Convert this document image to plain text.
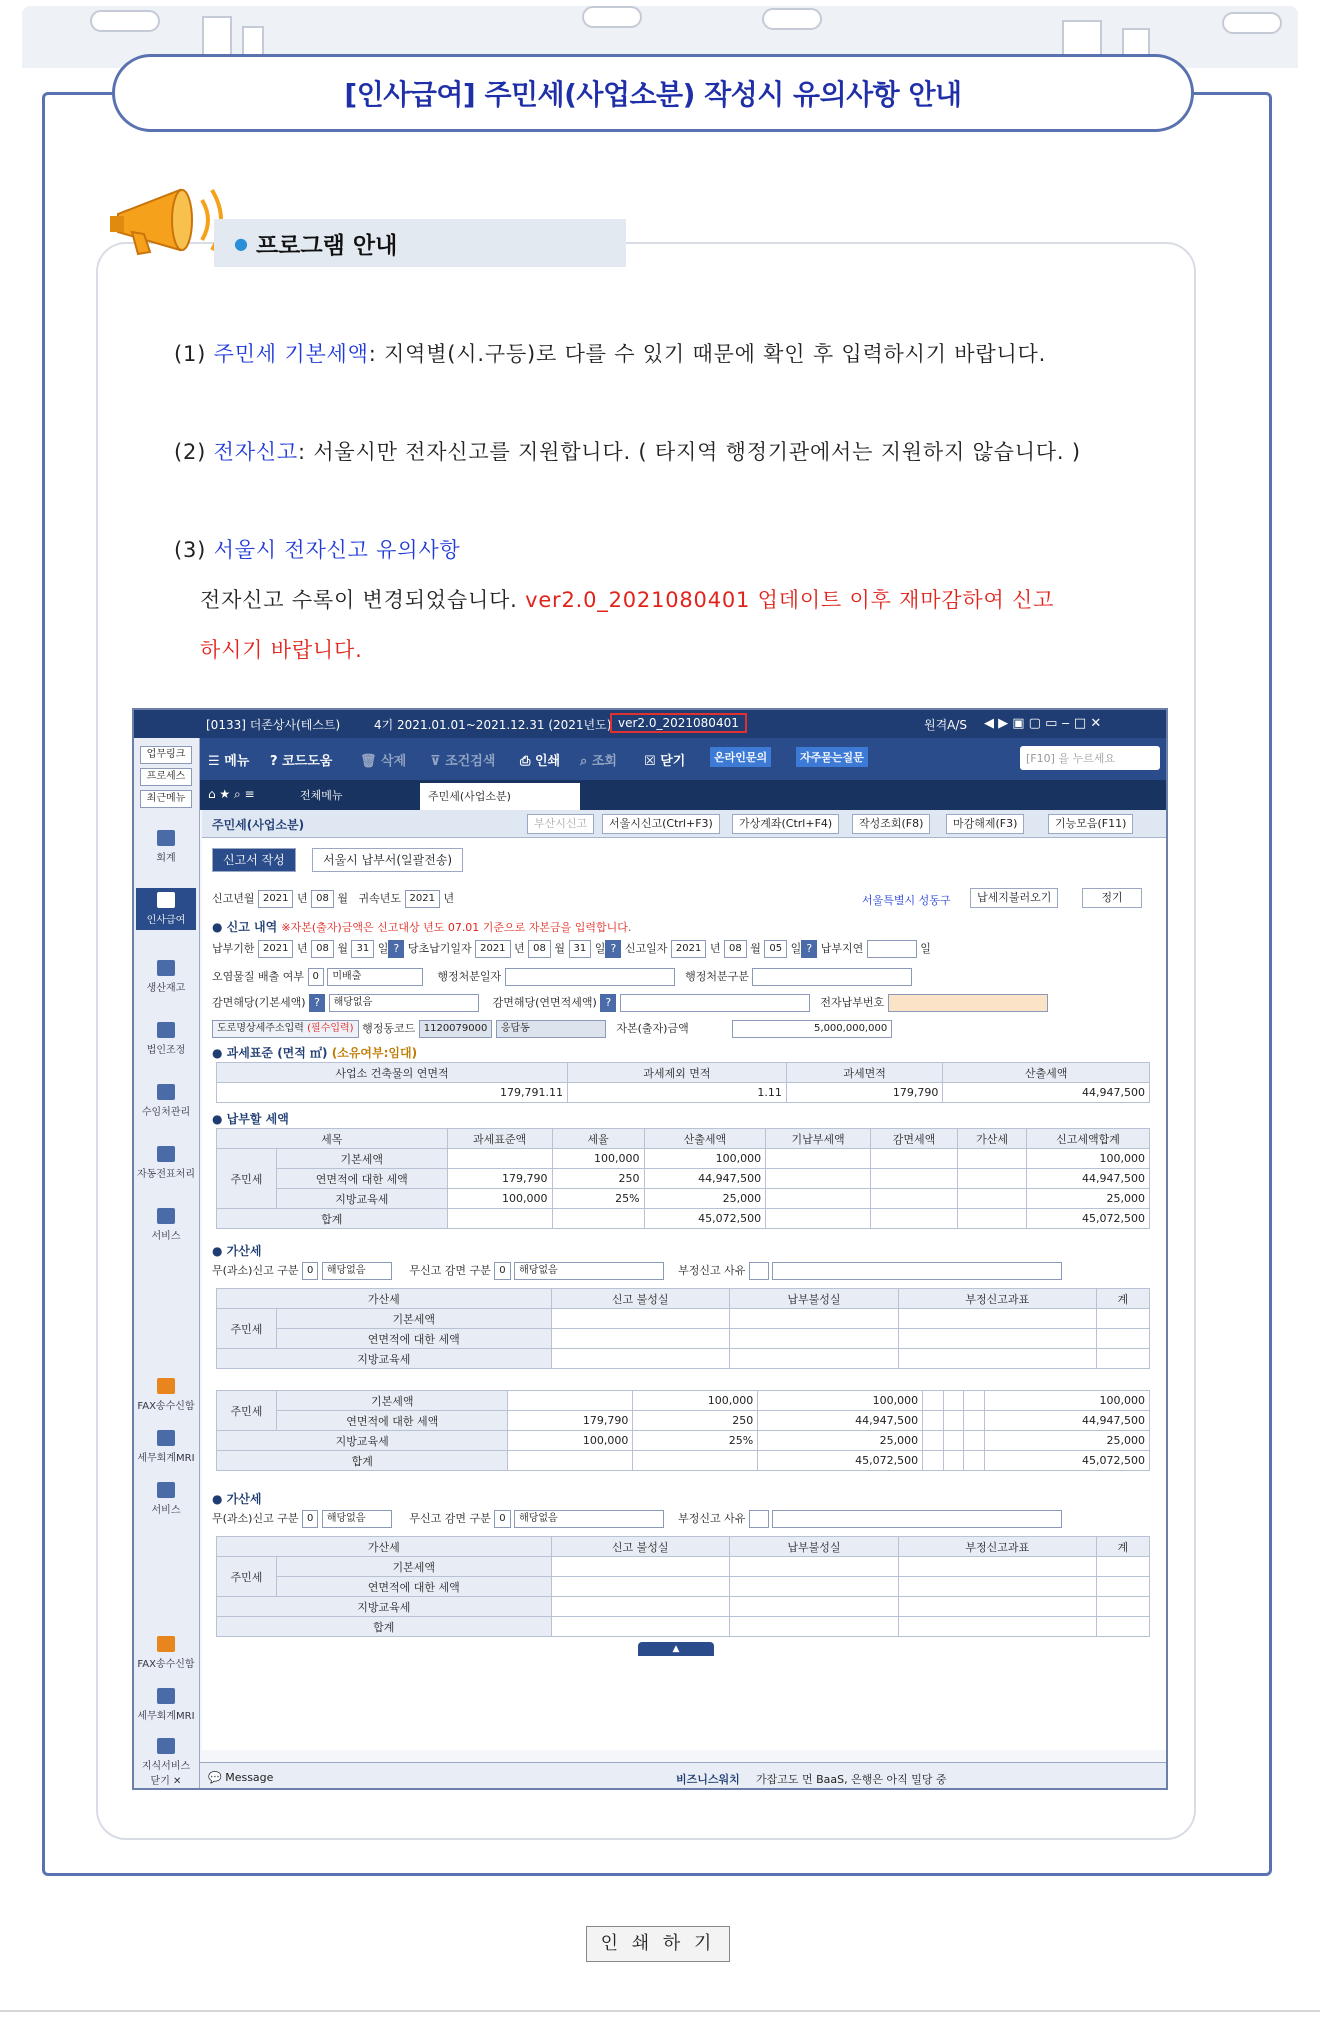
[인사급여] 주민세(사업소분) 작성시 유의사항 안내
● 프로그램 안내
(1) 주민세 기본세액: 지역별(시.구등)로 다를 수 있기 때문에 확인 후 입력하시기 바랍니다.
(2) 전자신고: 서울시만 전자신고를 지원합니다. ( 타지역 행정기관에서는 지원하지 않습니다. )
(3) 서울시 전자신고 유의사항
전자신고 수록이 변경되었습니다. ver2.0_2021080401 업데이트 이후 재마감하여 신고
하시기 바랍니다.
[0133] 더존상사(테스트)	4기 2021.01.01~2021.12.31 (2021년도) ver2.0_2021080401	원격A/S ◀ ▶ ▣ ▢ ▭ ‒ □ ✕
업무링크
프로세스
최근메뉴
회계
인사급여
생산재고
법인조정
수임처관리
자동전표처리
서비스
FAX송수신함
세무회계MRI
서비스
FAX송수신함
세무회계MRI
지식서비스
닫기 ✕
☰ 메뉴 ? 코드도움 🗑 삭제 ⊽ 조건검색 ⎙ 인쇄 ⌕ 조회 ☒ 닫기	온라인문의	자주묻는질문	[F10] 을 누르세요
⌂ ★ ⌕ ≡	전체메뉴	주민세(사업소분)
주민세(사업소분)	부산시신고	서울시신고(Ctrl+F3)	가상계좌(Ctrl+F4)	작성조회(F8)	마감해제(F3)	기능모음(F11)
신고서 작성	서울시 납부서(일괄전송)
신고년월 2021 년 08 월 귀속년도 2021 년	서울특별시 성동구	납세지불러오기	정기
● 신고 내역 ※자본(출자)금액은 신고대상 년도 07.01 기준으로 자본금을 입력합니다.
납부기한 2021 년 08 월 31 일 ? 당초납기일자 2021 년 08 월 31 일 ? 신고일자 2021 년 08 월 05 일 ? 납부지연	일
오염물질 배출 여부 0 미배출	행정처분일자	행정처분구분
감면해당(기본세액) ? 해당없음	감면해당(연면적세액) ?	전자납부번호
도로명상세주소입력 (필수입력) 행정동코드 1120079000 응답동	자본(출자)금액	5,000,000,000
● 과세표준 (면적 ㎡) (소유여부:임대)
사업소 건축물의 연면적	과세제외 면적	과세면적	산출세액
179,791.11	1.11	179,790	44,947,500
● 납부할 세액
세목		과세표준액	세율	산출세액	기납부세액	감면세액	가산세	신고세액합계
주민세	기본세액		100,000	100,000				100,000
	연면적에 대한 세액	179,790	250	44,947,500				44,947,500
	지방교육세	100,000	25%	25,000				25,000
합계				45,072,500				45,072,500
● 가산세
무(과소)신고 구분 0 해당없음	무신고 감면 구분 0 해당없음	부정신고 사유
가산세		신고 불성실	납부불성실	부정신고과표	계
주민세	기본세액				
	연면적에 대한 세액				
지방교육세					
주민세	기본세액		100,000	100,000				100,000
	연면적에 대한 세액	179,790	250	44,947,500				44,947,500
지방교육세		100,000	25%	25,000				25,000
합계				45,072,500				45,072,500
● 가산세
무(과소)신고 구분 0 해당없음	무신고 감면 구분 0 해당없음	부정신고 사유
가산세		신고 불성실	납부불성실	부정신고과표	계
주민세	기본세액				
	연면적에 대한 세액				
지방교육세					
합계					
▲
💬 Message	비즈니스워치 가잡고도 먼 BaaS, 은행은 아직 밀당 중
인 쇄 하 기
